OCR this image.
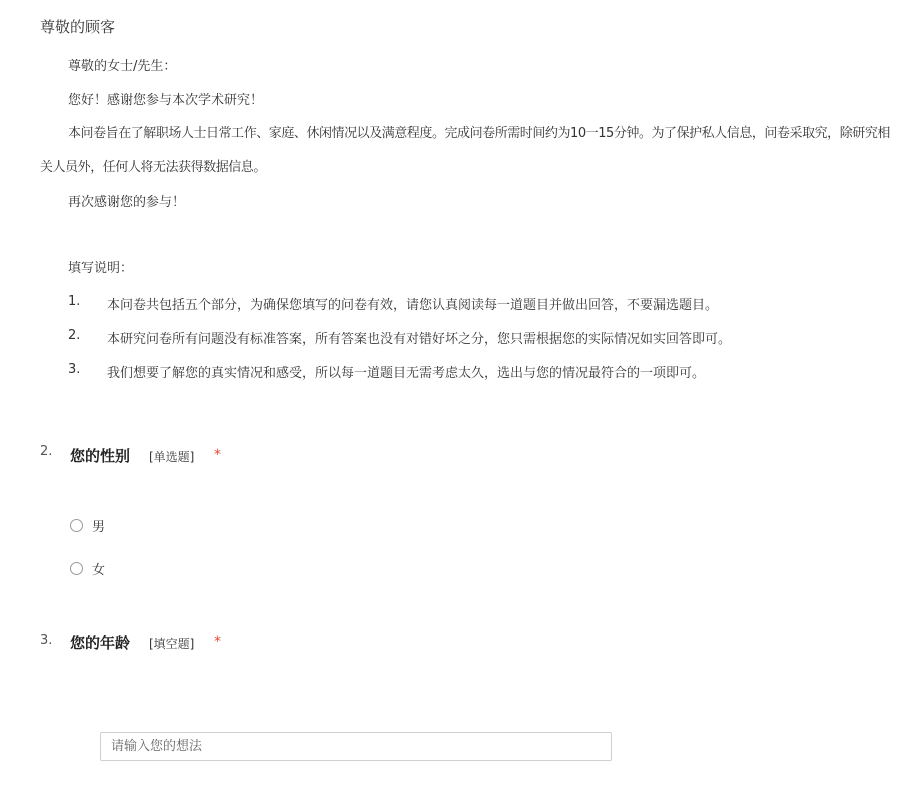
尊敬的顾客
尊敬的女士/先生：
您好！感谢您参与本次学术研究！
本问卷旨在了解职场人士日常工作、家庭、休闲情况以及满意程度。完成问卷所需时间约为10一15分钟。为了保护私人信息，问卷采取究，除研究相关人员外，任何人将无法获得数据信息。
再次感谢您的参与！
填写说明：
1. 本问卷共包括五个部分，为确保您填写的问卷有效，请您认真阅读每一道题目并做出回答，不要漏选题目。
2. 本研究问卷所有问题没有标准答案，所有答案也没有对错好坏之分，您只需根据您的实际情况如实回答即可。
3. 我们想要了解您的真实情况和感受，所以每一道题目无需考虑太久，选出与您的情况最符合的一项即可。
2. 您的性别 [单选题] *
男
女
3. 您的年龄 [填空题] *
请输入您的想法
